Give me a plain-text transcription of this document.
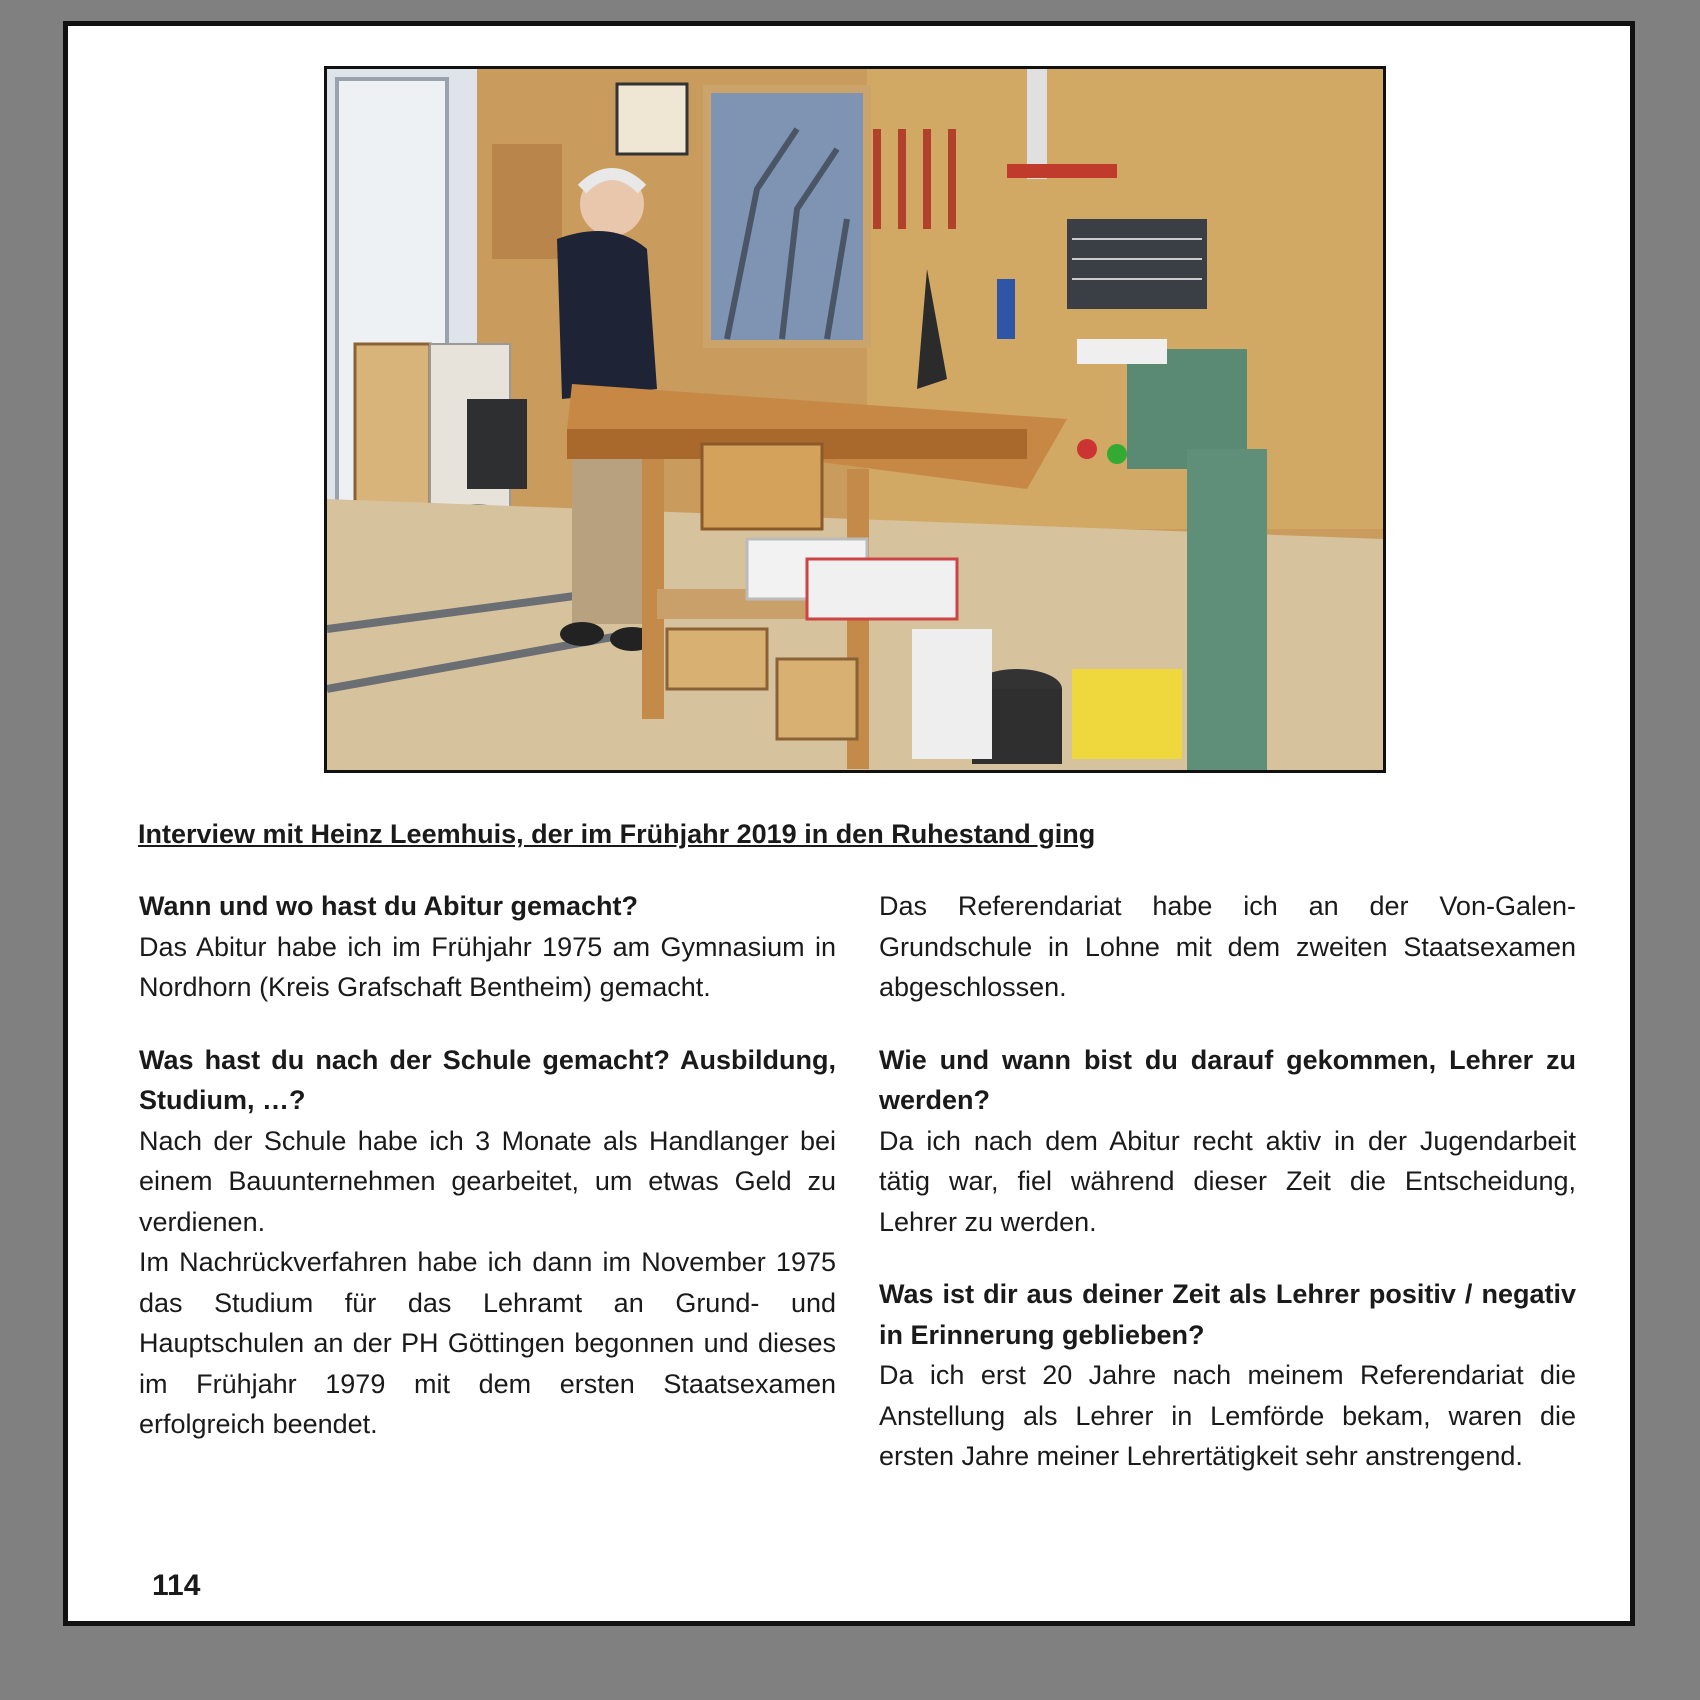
Interview mit Heinz Leemhuis, der im Frühjahr 2019 in den Ruhestand ging

Wann und wo hast du Abitur gemacht?

Das Abitur habe ich im Frühjahr 1975 am Gymnasium in Nordhorn (Kreis Grafschaft Bentheim) gemacht.

Was hast du nach der Schule gemacht? Ausbildung, Studium, …?

Nach der Schule habe ich 3 Monate als Handlanger bei einem Bauunternehmen gearbeitet, um etwas Geld zu verdienen.

Im Nachrückverfahren habe ich dann im November 1975 das Studium für das Lehramt an Grund- und Hauptschulen an der PH Göttingen begonnen und dieses im Frühjahr 1979 mit dem ersten Staatsexamen erfolgreich beendet.

Das Referendariat habe ich an der Von-Galen-Grundschule in Lohne mit dem zweiten Staatsexamen abgeschlossen.

Wie und wann bist du darauf gekommen, Lehrer zu werden?

Da ich nach dem Abitur recht aktiv in der Jugendarbeit tätig war, fiel während dieser Zeit die Entscheidung, Lehrer zu werden.

Was ist dir aus deiner Zeit als Lehrer positiv / negativ in Erinnerung geblieben?

Da ich erst 20 Jahre nach meinem Referendariat die Anstellung als Lehrer in Lemförde bekam, waren die ersten Jahre meiner Lehrertätigkeit sehr anstrengend.

114
